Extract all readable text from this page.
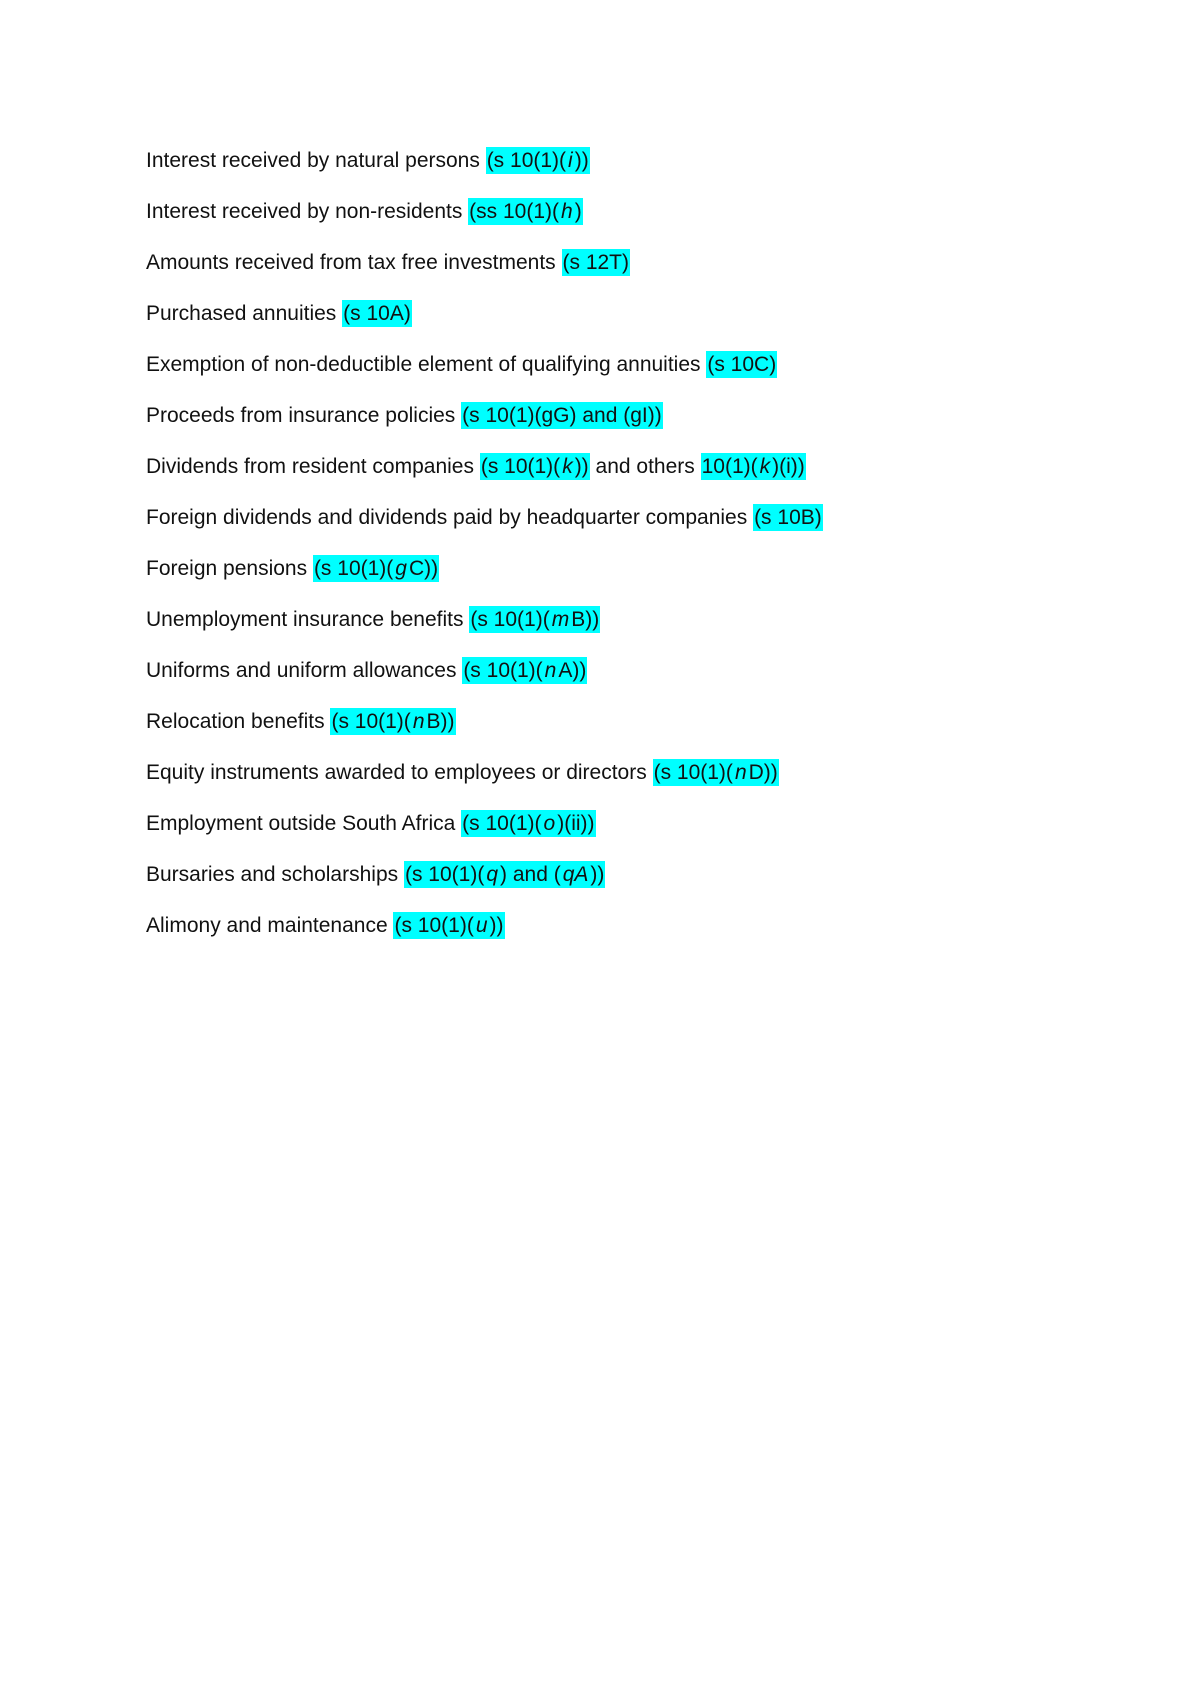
Interest received by natural persons (s 10(1)(i))
Interest received by non-residents (ss 10(1)(h)
Amounts received from tax free investments (s 12T)
Purchased annuities (s 10A)
Exemption of non-deductible element of qualifying annuities (s 10C)
Proceeds from insurance policies (s 10(1)(gG) and (gI))
Dividends from resident companies (s 10(1)(k)) and others 10(1)(k)(i))
Foreign dividends and dividends paid by headquarter companies (s 10B)
Foreign pensions (s 10(1)(gC))
Unemployment insurance benefits (s 10(1)(mB))
Uniforms and uniform allowances (s 10(1)(nA))
Relocation benefits (s 10(1)(nB))
Equity instruments awarded to employees or directors (s 10(1)(nD))
Employment outside South Africa (s 10(1)(o)(ii))
Bursaries and scholarships (s 10(1)(q) and (qA))
Alimony and maintenance (s 10(1)(u))
